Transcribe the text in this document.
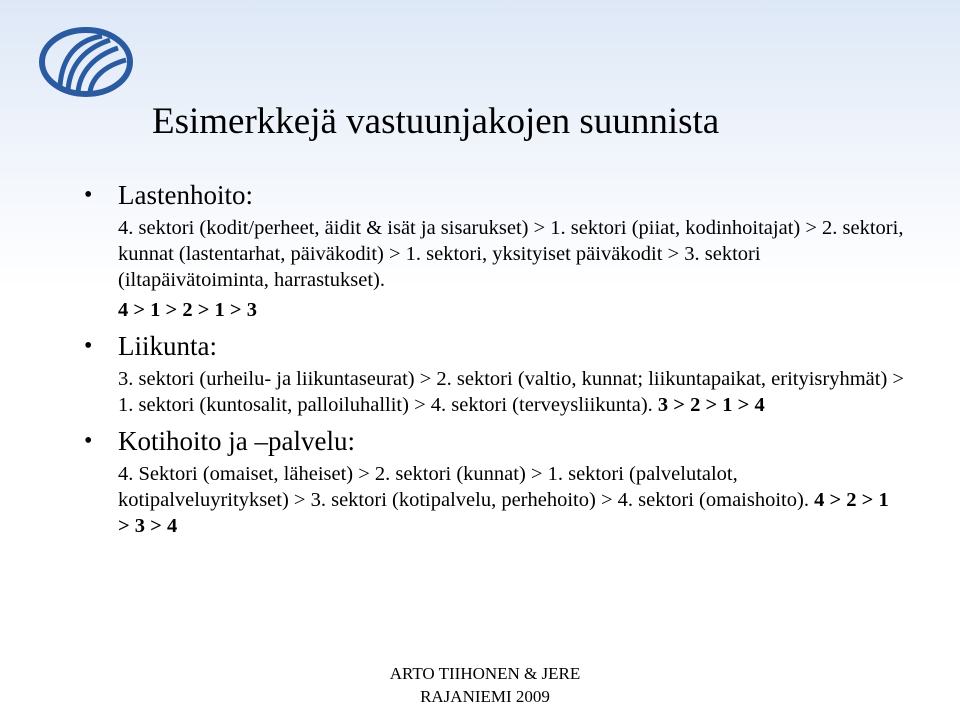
Esimerkkejä vastuunjakojen suunnista
• Lastenhoito:
4. sektori (kodit/perheet, äidit & isät ja sisarukset) > 1. sektori (piiat, kodinhoitajat) > 2. sektori, kunnat (lastentarhat, päiväkodit) > 1. sektori, yksityiset päiväkodit > 3. sektori (iltapäivätoiminta, harrastukset).
4 > 1 > 2 > 1 > 3
• Liikunta:
3. sektori (urheilu- ja liikuntaseurat) > 2. sektori (valtio, kunnat; liikuntapaikat, erityisryhmät) > 1. sektori (kuntosalit, palloiluhallit) > 4. sektori (terveysliikunta). 3 > 2 > 1 > 4
• Kotihoito ja –palvelu:
4. Sektori (omaiset, läheiset) > 2. sektori (kunnat) > 1. sektori (palvelutalot, kotipalveluyritykset) > 3. sektori (kotipalvelu, perhehoito) > 4. sektori (omaishoito). 4 > 2 > 1 > 3 > 4
ARTO TIIHONEN & JERE
RAJANIEMI 2009
